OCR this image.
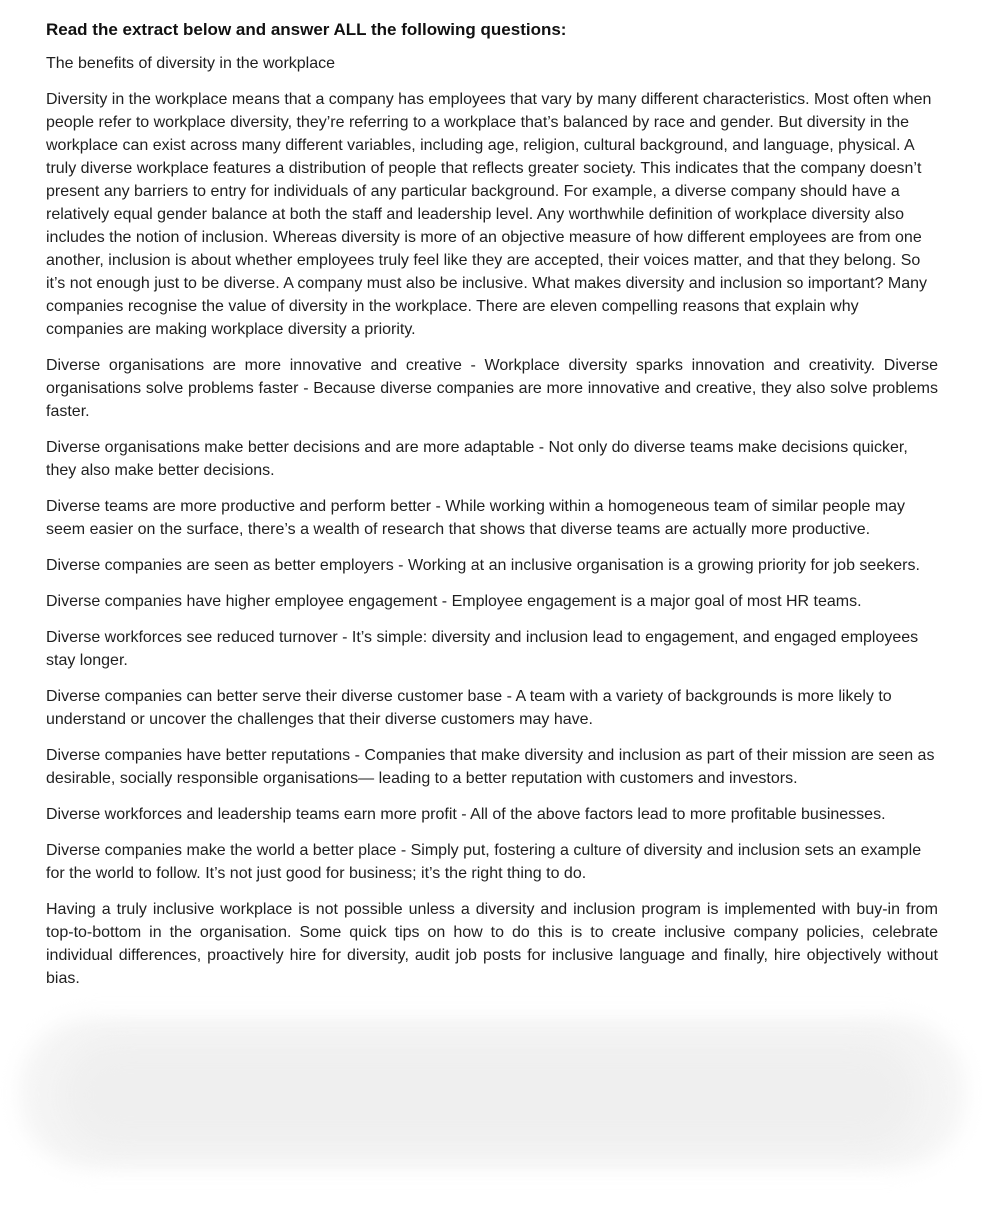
Read the extract below and answer ALL the following questions:

The benefits of diversity in the workplace

Diversity in the workplace means that a company has employees that vary by many different characteristics. Most often when people refer to workplace diversity, they’re referring to a workplace that’s balanced by race and gender. But diversity in the workplace can exist across many different variables, including age, religion, cultural background, and language, physical. A truly diverse workplace features a distribution of people that reflects greater society. This indicates that the company doesn’t present any barriers to entry for individuals of any particular background. For example, a diverse company should have a relatively equal gender balance at both the staff and leadership level. Any worthwhile definition of workplace diversity also includes the notion of inclusion. Whereas diversity is more of an objective measure of how different employees are from one another, inclusion is about whether employees truly feel like they are accepted, their voices matter, and that they belong. So it’s not enough just to be diverse. A company must also be inclusive. What makes diversity and inclusion so important? Many companies recognise the value of diversity in the workplace. There are eleven compelling reasons that explain why companies are making workplace diversity a priority.

Diverse organisations are more innovative and creative - Workplace diversity sparks innovation and creativity. Diverse organisations solve problems faster - Because diverse companies are more innovative and creative, they also solve problems faster.

Diverse organisations make better decisions and are more adaptable - Not only do diverse teams make decisions quicker, they also make better decisions.

Diverse teams are more productive and perform better - While working within a homogeneous team of similar people may seem easier on the surface, there’s a wealth of research that shows that diverse teams are actually more productive.

Diverse companies are seen as better employers - Working at an inclusive organisation is a growing priority for job seekers.

Diverse companies have higher employee engagement - Employee engagement is a major goal of most HR teams.

Diverse workforces see reduced turnover - It’s simple: diversity and inclusion lead to engagement, and engaged employees stay longer.

Diverse companies can better serve their diverse customer base - A team with a variety of backgrounds is more likely to understand or uncover the challenges that their diverse customers may have.

Diverse companies have better reputations - Companies that make diversity and inclusion as part of their mission are seen as desirable, socially responsible organisations— leading to a better reputation with customers and investors.

Diverse workforces and leadership teams earn more profit - All of the above factors lead to more profitable businesses.

Diverse companies make the world a better place - Simply put, fostering a culture of diversity and inclusion sets an example for the world to follow. It’s not just good for business; it’s the right thing to do.

Having a truly inclusive workplace is not possible unless a diversity and inclusion program is implemented with buy-in from top-to-bottom in the organisation. Some quick tips on how to do this is to create inclusive company policies, celebrate individual differences, proactively hire for diversity, audit job posts for inclusive language and finally, hire objectively without bias.
